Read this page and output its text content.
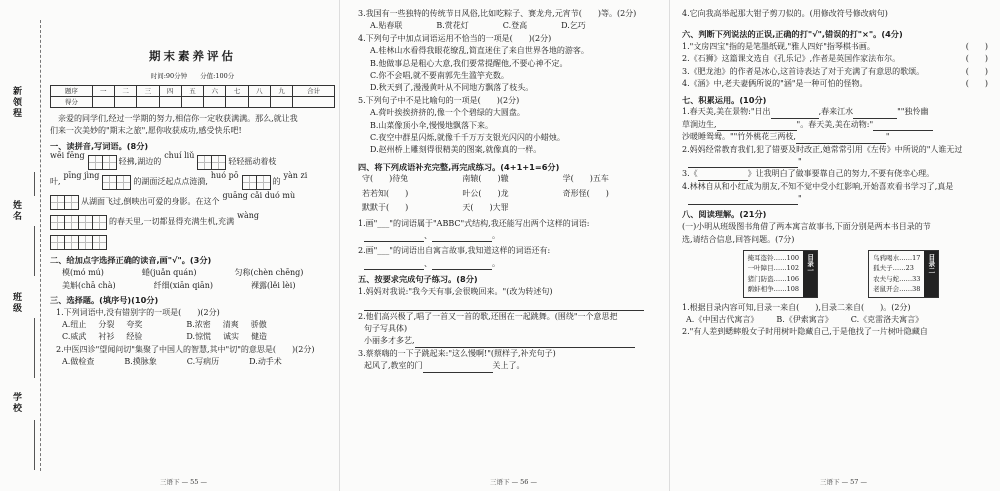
新领程
姓名
班级
学校
期末素养评估
时间:90分钟　　分值:100分
题序	一	二	三	四	五	六	七	八	九	合计
得分										
　亲爱的同学们,经过一学期的努力,相信你一定收获满满。那么,就让我
们来一次美妙的"期末之旅",愿你收获成功,感受快乐吧!
一、读拼音,写词语。(8分)
wēi fēng
轻拂,湖边的
chuí liǔ
轻轻摇动着枝
叶,
pīng jìng
的湖面泛起点点涟漪,
huó pō
的
yàn zi
从湖面飞过,倒映出可爱的身影。在这个
guāng cǎi duó mù
的春天里,一切都显得充满生机,充满
wàng
二、给加点字选择正确的读音,画"√"。(3分)
模(mó mú)	蜷(juǎn quán)	匀称(chèn chēng)
美斛(chā chà)	纤细(xiān qiān)	裸露(lěi lèi)
三、选择题。(填序号)(10分)
1.下列词语中,没有错别字的一项是(　　)(2分)
A.纽止 分裂 夸奖	B.浓密 清爽 骄傲
C.威武 衬衫 经验	D.惊慌 诚实 健造
2.中医四诊"望闻问切"集聚了中国人的智慧,其中"切"的意思是(　　)(2分)
A.做检查	B.摸脉象	C.写病历	D.动手术
三语下 — 55 —
3.我国有一些独特的传统节日风俗,比如吃粽子、赛龙舟,元宵节(　　)等。(2分)
A.贴春联	B.赏花灯	C.登高	D.乞巧
4.下列句子中加点词语运用不恰当的一项是(　　)(2分)
A.桂林山水看得我眼花缭乱,简直迷住了来自世界各地的游客。
B.他做事总是粗心大意,我们要常提醒他,不要心神不定。
C.你不会唱,就不要南郭先生滥竽充数。
D.秋天到了,漫漫黄叶从不同地方飘落了枝头。
5.下列句子中不是比喻句的一项是(　　)(2分)
A.荷叶挨挨挤挤的,像一个个碧绿的大圆盘。
B.山菜像顶小伞,慢慢地飘落下来。
C.夜空中群星闪烁,就像千千万万支银光闪闪的小蜡烛。
D.赵州桥上雕刻得很精美的图案,就像真的一样。
四、将下列成语补充完整,再完成练习。(4+1+1=6分)
守(　　)待兔	南辕(　　)辙	学(　　)五车
若若知(　　)	叶公(　　)龙	奇形怪(　　)
默默于(　　)	天(　　)大罪
1.画"___"的词语属于"ABBC"式结构,我还能写出两个这样的词语:
、	。
2.画"___"的词语出自寓言故事,我知道这样的词语还有:
、	。
五、按要求完成句子练习。(8分)
1.妈妈对我说:"我今天有事,会很晚回来。"(改为转述句)
2.他们高兴极了,唱了一首又一首的歌,还围在一起跳舞。(围绕"一个意思把
句子写具体)
小丽多才多艺,
3.蔡蔡嗨的一下子跳起来:"这么慢啊!"(照样子,补充句子)
起风了,教室的门	关上了。
三语下 — 56 —
4.它向我高举起那大钳子剪刀似的。(用修改符号修改病句)
六、判断下列说法的正误,正确的打"√",错误的打"×"。(4分)
1."文房四宝"指的是笔墨纸砚,"雅人四好"指琴棋书画。	(　　)
2.《石狮》这篇课文选自《孔乐记》,作者是英国作家法布尔。	(　　)
3.《肥龙池》的作者是冰心,这首诗表达了对于充满了有意思的歌颂。	(　　)
4.《涵》中,老夫妻俩所说的"涵"是一种可怕的怪物。	(　　)
七、积累运用。(10分)
1.春天美,美在景物:"日出	,春来江水	""独怜幽
草涧边生,	"。春天美,美在动物:"
沙暖睡鸳鸯。""竹外桃花三两枝,	"
2.妈妈经常教育我们,犯了错要及时改正,她常常引用《左传》中所说的"人谁无过
"
3.《	》让我明白了做事要靠自己的努力,不要有侥幸心理。
4.林林自从和小红成为朋友,不知不觉中受小红影响,开始喜欢看书学习了,真是
"
八、阅读理解。(21分)
(一)小明从班级图书角借了两本寓言故事书,下面分别是两本书目录的节
选,请结合信息,回答问题。(7分)
掩耳盗铃……100
一叶障目……102
猪门防盗……106
鹬蚌相争……108
目录一	鸟鸦喝水……17
狐夫子……23
农夫与蛇……33
老鼠开会……38
目录二
1.根据目录内容可知,目录一来自(　　),目录二来自(　　)。(2分)
A.《中国古代寓言》 B.《伊索寓言》 C.《克雷洛夫寓言》
2."有人差到蟋蟀般女子时用树叶隐藏自己,于是他找了一片树叶隐藏自
三语下 — 57 —
